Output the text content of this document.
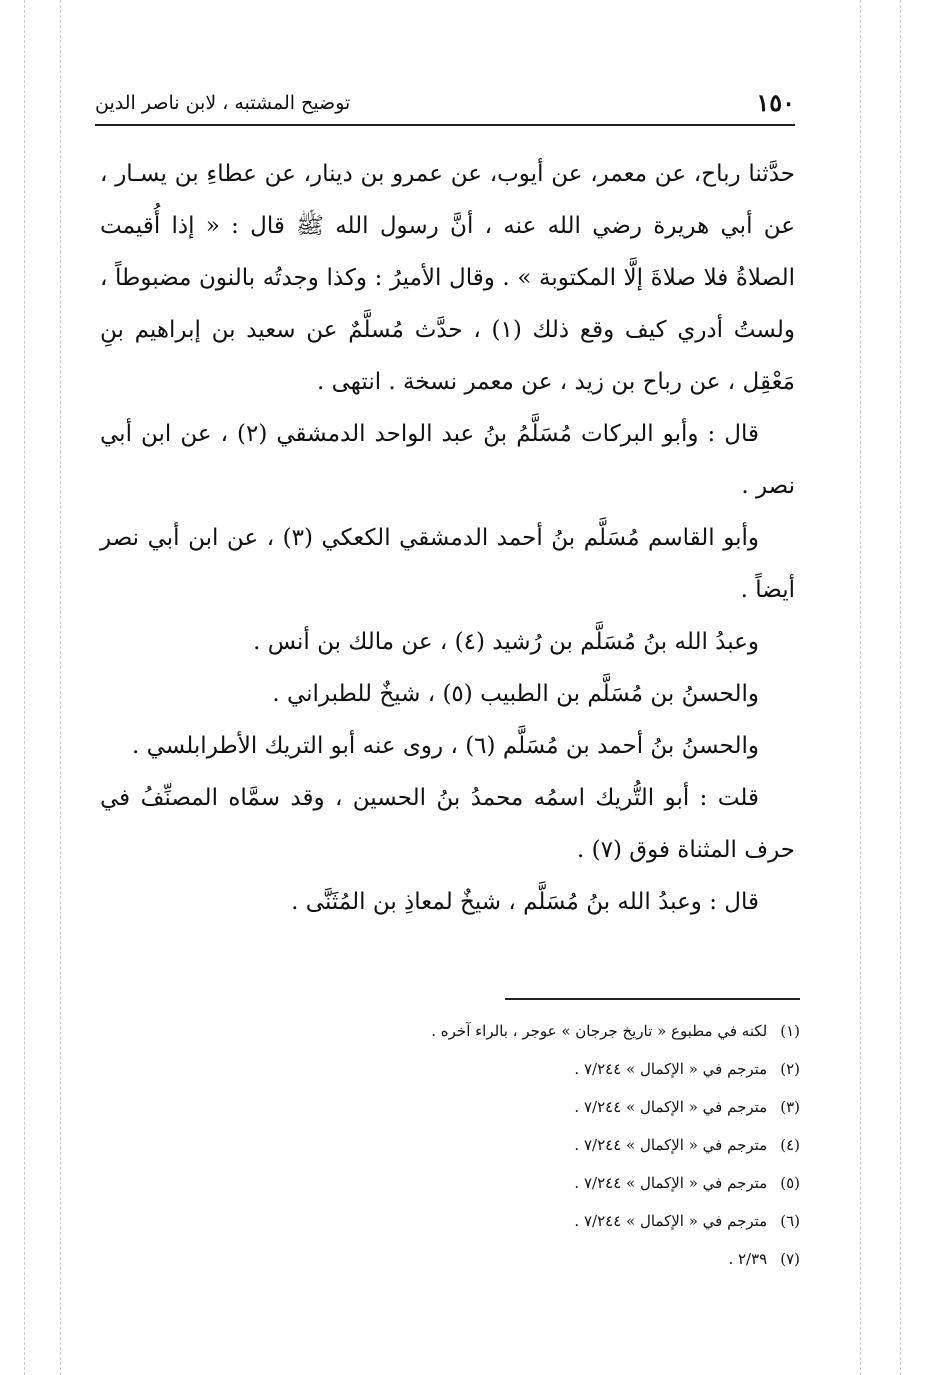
١٥٠
توضيح المشتبه ، لابن ناصر الدين

حدَّثنا رباح، عن معمر، عن أيوب، عن عمرو بن دينار، عن عطاءِ بن يسـار ، عن أبي هريرة رضي الله عنه ، أنَّ رسول الله ﷺ قال : « إذا أُقيمت الصلاةُ فلا صلاةَ إلَّا المكتوبة » . وقال الأميرُ : وكذا وجدتُه بالنون مضبوطاً ، ولستُ أدري كيف وقع ذلك (١) ، حدَّث مُسلَّمٌ عن سعيد بن إبراهيم بنِ مَعْقِل ، عن رباح بن زيد ، عن معمر نسخة . انتهى .

قال : وأبو البركات مُسَلَّمُ بنُ عبد الواحد الدمشقي (٢) ، عن ابن أبي نصر .

وأبو القاسم مُسَلَّم بنُ أحمد الدمشقي الكعكي (٣) ، عن ابن أبي نصر أيضاً .

وعبدُ الله بنُ مُسَلَّم بن رُشيد (٤) ، عن مالك بن أنس .

والحسنُ بن مُسَلَّم بن الطبيب (٥) ، شيخٌ للطبراني .

والحسنُ بنُ أحمد بن مُسَلَّم (٦) ، روى عنه أبو التريك الأطرابلسي .

قلت : أبو التُّريك اسمُه محمدُ بنُ الحسين ، وقد سمَّاه المصنِّفُ في حرف المثناة فوق (٧) .

قال : وعبدُ الله بنُ مُسَلَّم ، شيخٌ لمعاذِ بن المُثَنَّى .

(١) لكنه في مطبوع « تاريخ جرجان » عوجر ، بالراء آخره .
(٢) مترجم في « الإكمال » ٧/٢٤٤ .
(٣) مترجم في « الإكمال » ٧/٢٤٤ .
(٤) مترجم في « الإكمال » ٧/٢٤٤ .
(٥) مترجم في « الإكمال » ٧/٢٤٤ .
(٦) مترجم في « الإكمال » ٧/٢٤٤ .
(٧) ٢/٣٩ .
